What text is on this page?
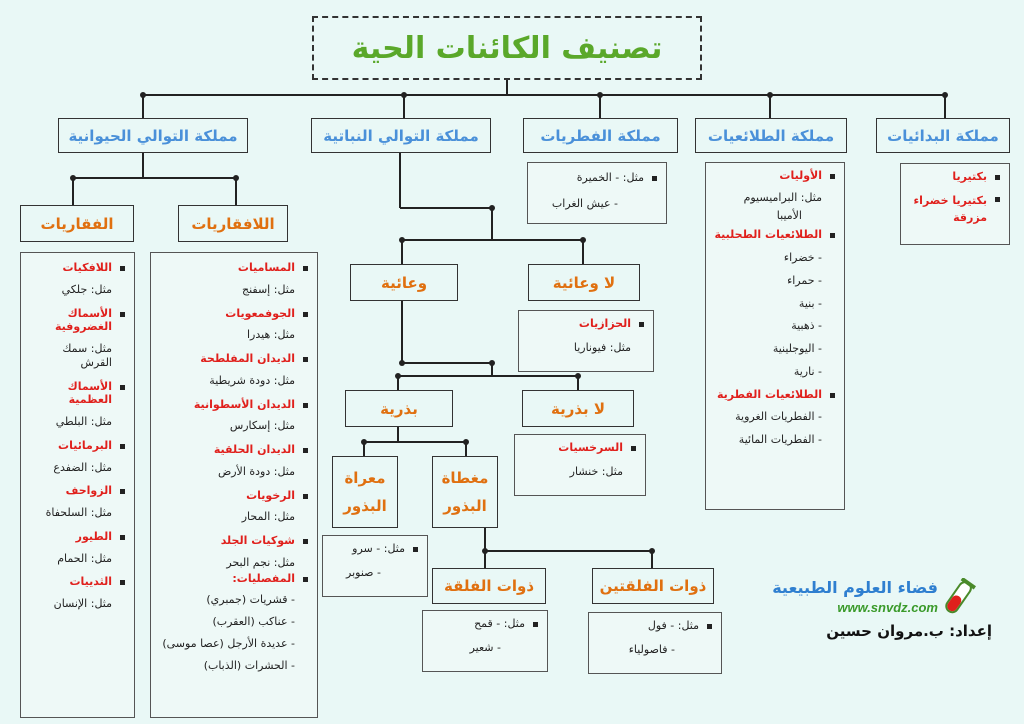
تصنيف الكائنات الحية
مملكة التوالي الحيوانية	مملكة التوالي النباتية	مملكة الفطريات	مملكة الطلائعيات	مملكة البدائيات
بكتيريا
بكتيريا خضراء مزرقة
الأوليات
مثل: البراميسيوم
الأميبا
الطلائعيات الطحلبية
- خضراء
- حمراء
- بنية
- ذهبية
- اليوجلينية
- نارية
الطلائعيات الفطرية
- الفطريات الغروية
- الفطريات المائية
مثل: - الخميرة
- عيش الغراب
الفقاريات	اللافقاريات
اللافكيات
مثل: جلكي
الأسماك الغضروفية
مثل: سمك القرش
الأسماك العظمية
مثل: البلطي
البرمائيات
مثل: الضفدع
الزواحف
مثل: السلحفاة
الطيور
مثل: الحمام
الثدييات
مثل: الإنسان
المساميات
مثل: إسفنج
الجوفمعويات
مثل: هيدرا
الديدان المفلطحة
مثل: دودة شريطية
الديدان الأسطوانية
مثل: إسكارس
الديدان الحلقية
مثل: دودة الأرض
الرخويات
مثل: المحار
شوكيات الجلد
مثل: نجم البحر
المفصليات:
- قشريات (جمبري)
- عناكب (العقرب)
- عديدة الأرجل (عصا موسى)
- الحشرات (الذباب)
وعائية	لا وعائية
الحزازيات
مثل: فيوناريا
بذرية	لا بذرية
السرخسيات
مثل: خنشار
معراة البذور
مغطاة البذور
مثل: - سرو
- صنوبر
ذوات الفلقة	ذوات الفلقتين
مثل: - قمح
- شعير
مثل: - فول
- فاصولياء
فضاء العلوم الطبيعية
www.snvdz.com
إعداد: ب.مروان حسين
